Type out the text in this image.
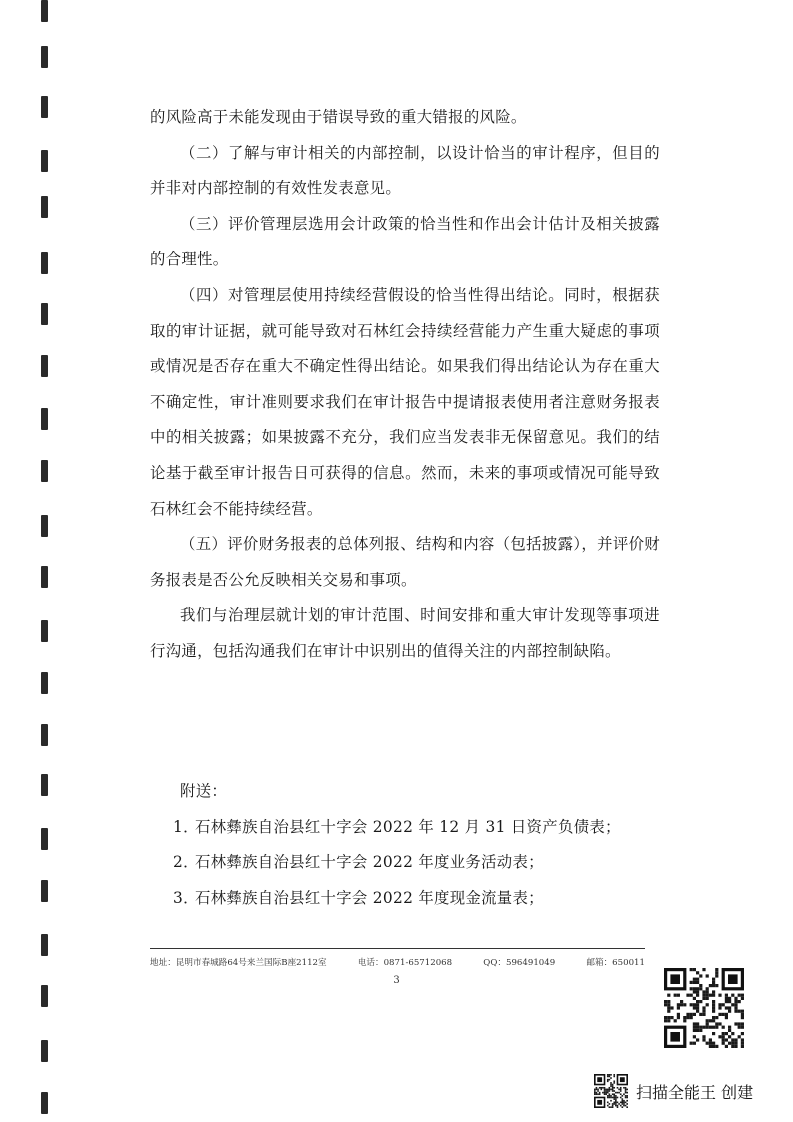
的风险高于未能发现由于错误导致的重大错报的风险。

（二）了解与审计相关的内部控制，以设计恰当的审计程序，但目的并非对内部控制的有效性发表意见。

（三）评价管理层选用会计政策的恰当性和作出会计估计及相关披露的合理性。

（四）对管理层使用持续经营假设的恰当性得出结论。同时，根据获取的审计证据，就可能导致对石林红会持续经营能力产生重大疑虑的事项或情况是否存在重大不确定性得出结论。如果我们得出结论认为存在重大不确定性，审计准则要求我们在审计报告中提请报表使用者注意财务报表中的相关披露；如果披露不充分，我们应当发表非无保留意见。我们的结论基于截至审计报告日可获得的信息。然而，未来的事项或情况可能导致石林红会不能持续经营。

（五）评价财务报表的总体列报、结构和内容（包括披露），并评价财务报表是否公允反映相关交易和事项。

我们与治理层就计划的审计范围、时间安排和重大审计发现等事项进行沟通，包括沟通我们在审计中识别出的值得关注的内部控制缺陷。

附送：

1．石林彝族自治县红十字会 2022 年 12 月 31 日资产负债表；
2．石林彝族自治县红十字会 2022 年度业务活动表；
3．石林彝族自治县红十字会 2022 年度现金流量表；
地址：昆明市春城路64号来兰国际B座2112室	电话：0871-65712068	QQ：596491049	邮箱：650011
3
扫描全能王 创建
